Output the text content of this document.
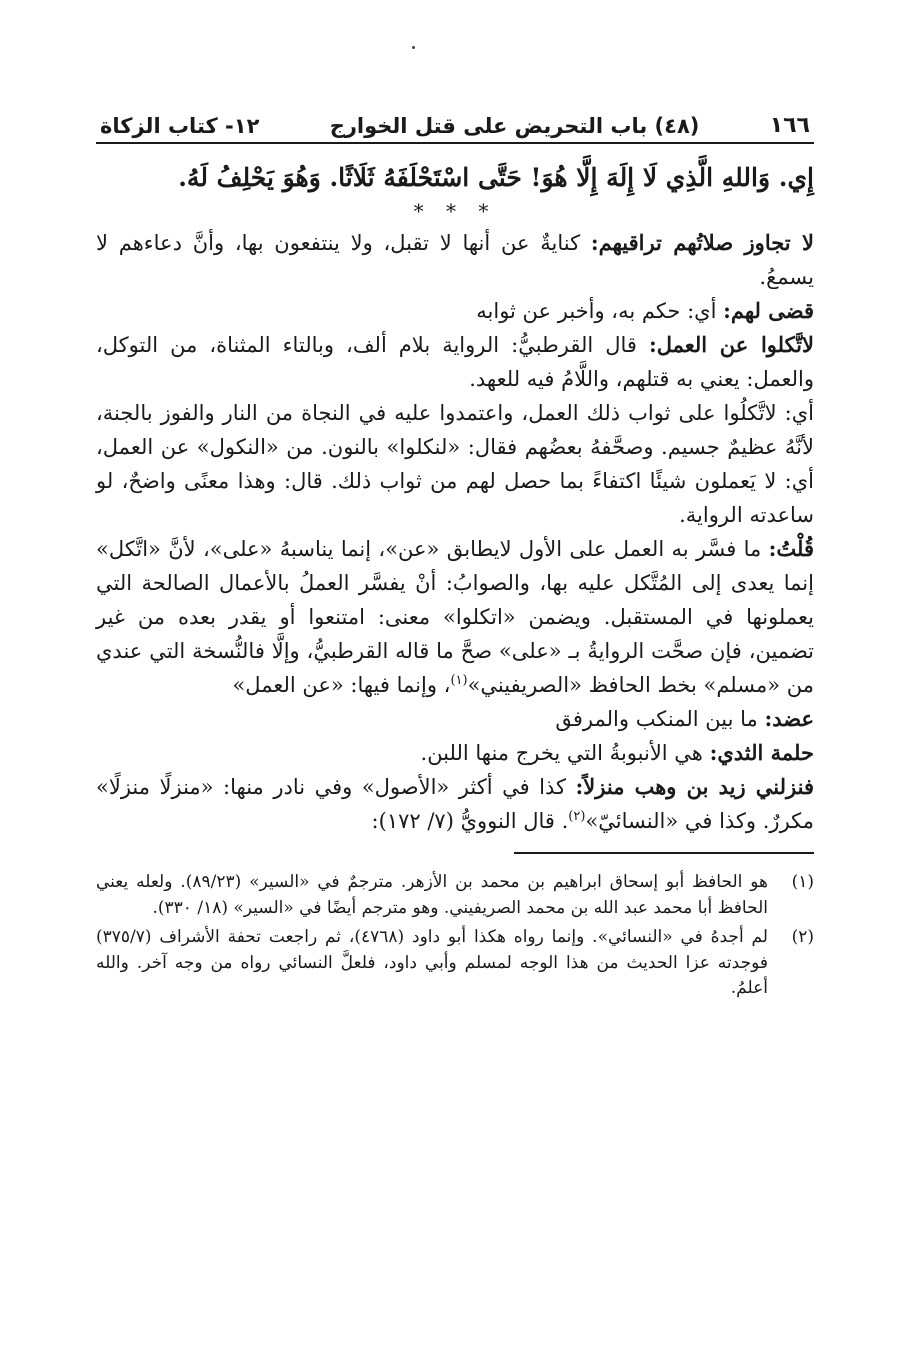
١٦٦
(٤٨) باب التحريض على قتل الخوارج
١٢- كتاب الزكاة

إِي. وَاللهِ الَّذِي لَا إِلَهَ إِلَّا هُوَ! حَتَّى اسْتَحْلَفَهُ ثَلَاثًا. وَهُوَ يَحْلِفُ لَهُ.

* * *

لا تجاوز صلاتُهم تراقيهم: كنايةٌ عن أنها لا تقبل، ولا ينتفعون بها، وأنَّ دعاءهم لا يسمعُ.

قضى لهم: أي: حكم به، وأخبر عن ثوابه

لاتَّكلوا عن العمل: قال القرطبيُّ: الرواية بلام ألف، وبالتاء المثناة، من التوكل، والعمل: يعني به قتلهم، واللَّامُ فيه للعهد.

أي: لاتَّكلُوا على ثواب ذلك العمل، واعتمدوا عليه في النجاة من النار والفوز بالجنة، لأنَّهُ عظيمٌ جسيم. وصحَّفهُ بعضُهم فقال: «لنكلوا» بالنون. من «النكول» عن العمل، أي: لا يَعملون شيئًا اكتفاءً بما حصل لهم من ثواب ذلك. قال: وهذا معنًى واضحٌ، لو ساعدته الرواية.

قُلْتُ: ما فسَّر به العمل على الأول لايطابق «عن»، إنما يناسبهُ «على»، لأنَّ «اتَّكل» إنما يعدى إلى المُتَّكل عليه بها، والصوابُ: أنْ يفسَّر العملُ بالأعمال الصالحة التي يعملونها في المستقبل. ويضمن «اتكلوا» معنى: امتنعوا أو يقدر بعده من غير تضمين، فإن صحَّت الروايةُ بـ «على» صحَّ ما قاله القرطبيُّ، وإلَّا فالنُّسخة التي عندي من «مسلم» بخط الحافظ «الصريفيني»$^{(١)}$، وإنما فيها: «عن العمل»

عضد: ما بين المنكب والمرفق

حلمة الثدي: هي الأنبوبةُ التي يخرج منها اللبن.

فنزلني زيد بن وهب منزلاً: كذا في أكثر «الأصول» وفي نادر منها: «منزلًا منزلًا» مكررٌ. وكذا في «النسائيّ»$^{(٢)}$. قال النوويُّ (٧/ ١٧٢):

(١)
هو الحافظ أبو إسحاق ابراهيم بن محمد بن الأزهر. مترجمٌ في «السير» (٨٩/٢٣). ولعله يعني الحافظ أبا محمد عبد الله بن محمد الصريفيني. وهو مترجم أيضًا في «السير» (١٨/ ٣٣٠).
(٢)
لم أجدهُ في «النسائي». وإنما رواه هكذا أبو داود (٤٧٦٨)، ثم راجعت تحفة الأشراف (٣٧٥/٧) فوجدته عزا الحديث من هذا الوجه لمسلم وأبي داود، فلعلَّ النسائي رواه من وجه آخر. والله أعلمُ.
